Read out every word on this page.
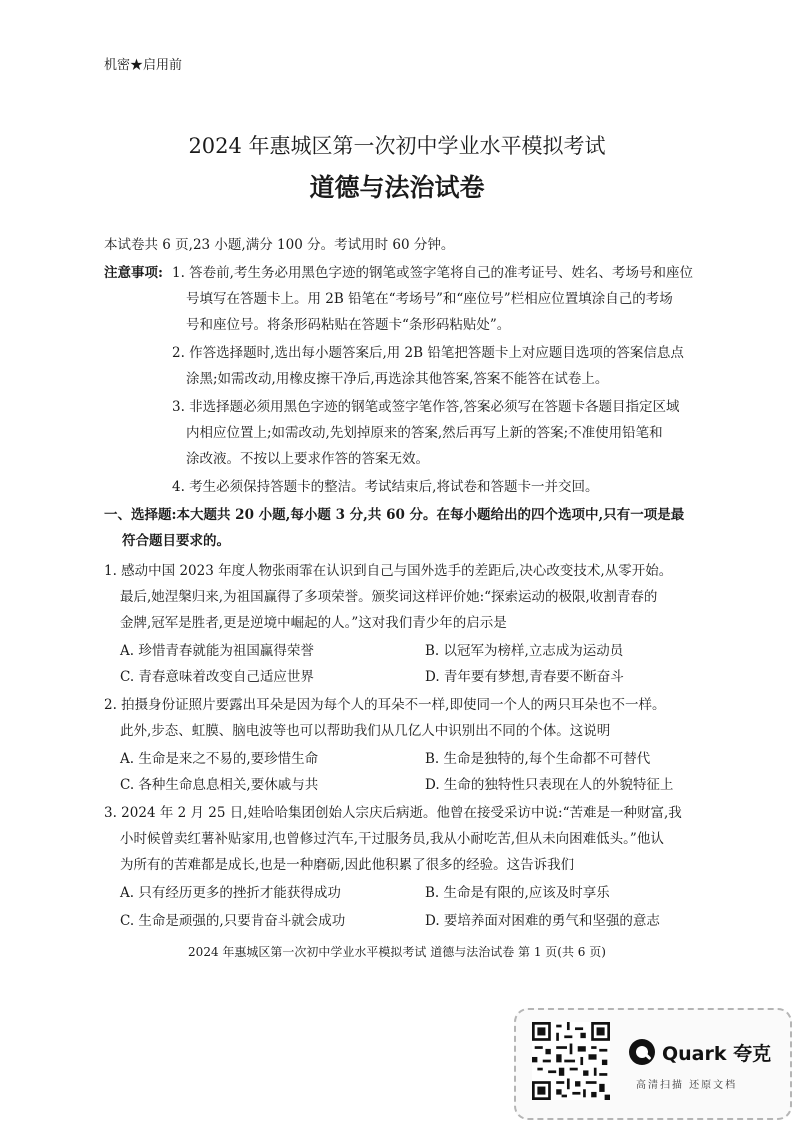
机密★启用前
2024 年惠城区第一次初中学业水平模拟考试
道德与法治试卷
本试卷共 6 页,23 小题,满分 100 分。考试用时 60 分钟。
注意事项: 1. 答卷前,考生务必用黑色字迹的钢笔或签字笔将自己的准考证号、姓名、考场号和座位
号填写在答题卡上。用 2B 铅笔在“考场号”和“座位号”栏相应位置填涂自己的考场
号和座位号。将条形码粘贴在答题卡“条形码粘贴处”。
2. 作答选择题时,选出每小题答案后,用 2B 铅笔把答题卡上对应题目选项的答案信息点
涂黑;如需改动,用橡皮擦干净后,再选涂其他答案,答案不能答在试卷上。
3. 非选择题必须用黑色字迹的钢笔或签字笔作答,答案必须写在答题卡各题目指定区域
内相应位置上;如需改动,先划掉原来的答案,然后再写上新的答案;不准使用铅笔和
涂改液。不按以上要求作答的答案无效。
4. 考生必须保持答题卡的整洁。考试结束后,将试卷和答题卡一并交回。
一、选择题:本大题共 20 小题,每小题 3 分,共 60 分。在每小题给出的四个选项中,只有一项是最
符合题目要求的。
1. 感动中国 2023 年度人物张雨霏在认识到自己与国外选手的差距后,决心改变技术,从零开始。
最后,她涅槃归来,为祖国赢得了多项荣誉。颁奖词这样评价她:“探索运动的极限,收割青春的
金牌,冠军是胜者,更是逆境中崛起的人。”这对我们青少年的启示是
A. 珍惜青春就能为祖国赢得荣誉	B. 以冠军为榜样,立志成为运动员
C. 青春意味着改变自己适应世界	D. 青年要有梦想,青春要不断奋斗
2. 拍摄身份证照片要露出耳朵是因为每个人的耳朵不一样,即使同一个人的两只耳朵也不一样。
此外,步态、虹膜、脑电波等也可以帮助我们从几亿人中识别出不同的个体。这说明
A. 生命是来之不易的,要珍惜生命	B. 生命是独特的,每个生命都不可替代
C. 各种生命息息相关,要休戚与共	D. 生命的独特性只表现在人的外貌特征上
3. 2024 年 2 月 25 日,娃哈哈集团创始人宗庆后病逝。他曾在接受采访中说:“苦难是一种财富,我
小时候曾卖红薯补贴家用,也曾修过汽车,干过服务员,我从小耐吃苦,但从未向困难低头。”他认
为所有的苦难都是成长,也是一种磨砺,因此他积累了很多的经验。这告诉我们
A. 只有经历更多的挫折才能获得成功	B. 生命是有限的,应该及时享乐
C. 生命是顽强的,只要肯奋斗就会成功	D. 要培养面对困难的勇气和坚强的意志
2024 年惠城区第一次初中学业水平模拟考试 道德与法治试卷 第 1 页(共 6 页)
Quark 夸克
高清扫描 还原文档
